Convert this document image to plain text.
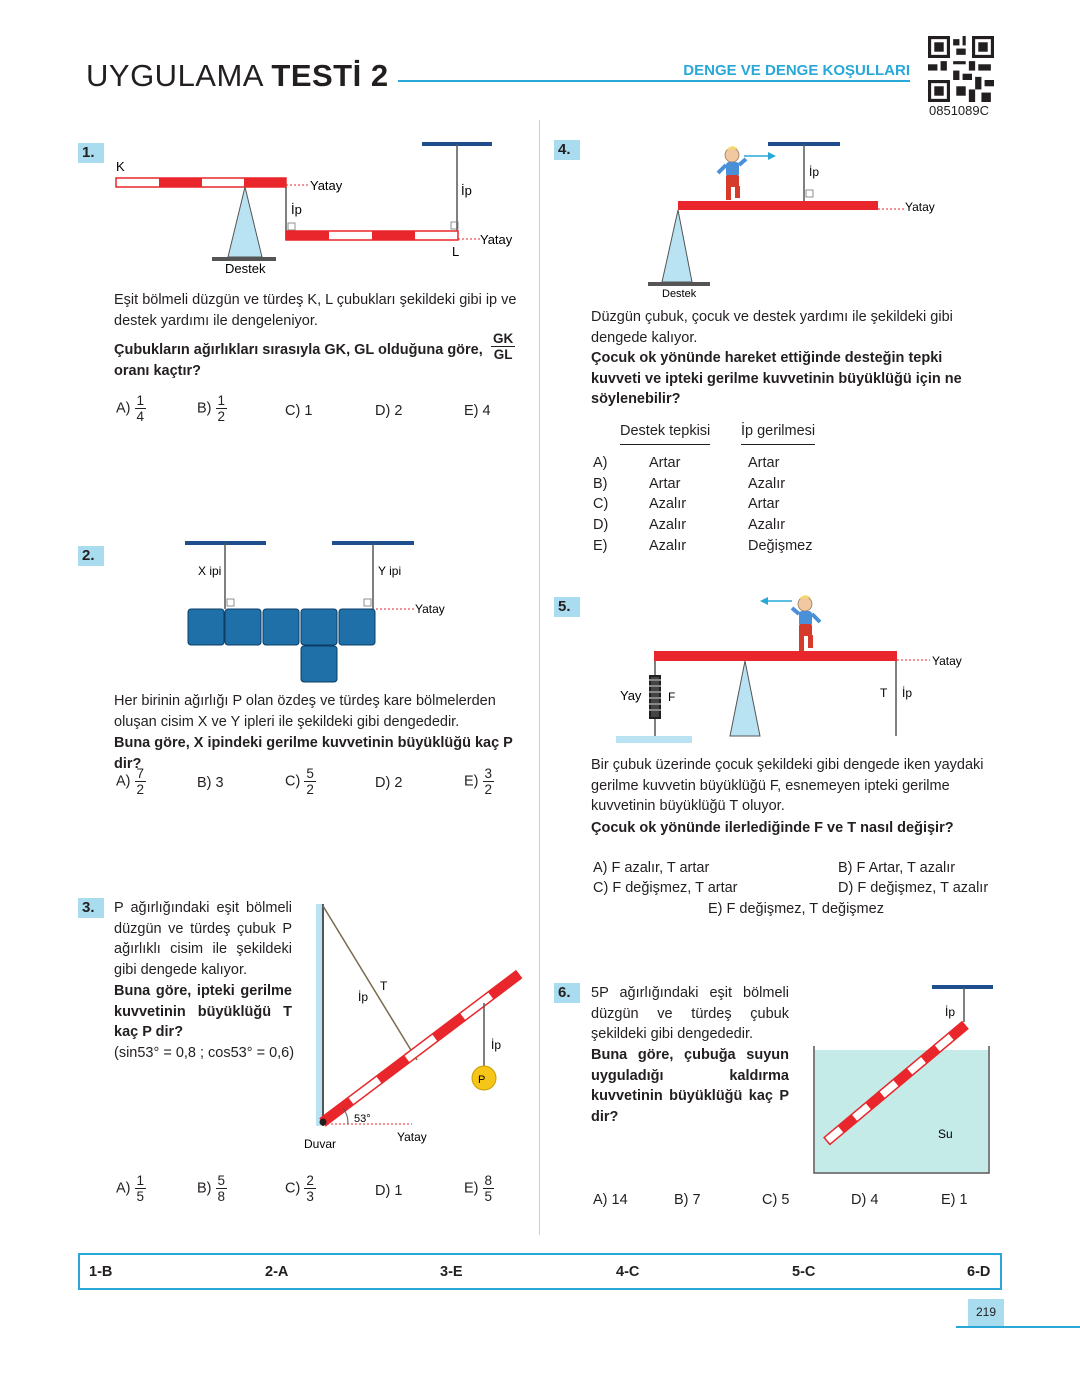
UYGULAMA TESTİ 2	DENGE VE DENGE KOŞULLARI
0851089C
1.
K
L
Yatay
Yatay
İp
İp
Destek
Eşit bölmeli düzgün ve türdeş K, L çubukları şekildeki gibi ip ve destek yardımı ile dengeleniyor.
Çubukların ağırlıkları sırasıyla GK, GL olduğuna göre,
oranı kaçtır?
$\frac{GK}{GL}$
$A) \frac{1}{4}$	$B) \frac{1}{2}$	C) 1	D) 2	E) 4
2.
X ipi	Y ipi
Yatay
Her birinin ağırlığı P olan özdeş ve türdeş kare bölmelerden oluşan cisim X ve Y ipleri ile şekildeki gibi dengededir.
Buna göre, X ipindeki gerilme kuvvetinin büyüklüğü kaç P dir?
$A) \frac{7}{2}$	B) 3	$C) \frac{5}{2}$	D) 2	$E) \frac{3}{2}$
3.	P ağırlığındaki eşit bölmeli düzgün ve türdeş çubuk P ağırlıklı cisim ile şekildeki gibi dengede kalıyor.
Buna göre, ipteki gerilme kuvvetinin büyüklüğü T kaç P dir?
(sin53° = 0,8 ; cos53° = 0,6)
T
İp
İp
P
53°
Duvar	Yatay
$A) \frac{1}{5}$	$B) \frac{5}{8}$	$C) \frac{2}{3}$	D) 1	$E) \frac{8}{5}$
4.
İp
Yatay
Destek
Düzgün çubuk, çocuk ve destek yardımı ile şekildeki gibi dengede kalıyor.
Çocuk ok yönünde hareket ettiğinde desteğin tepki kuvveti ve ipteki gerilme kuvvetinin büyüklüğü için ne söylenebilir?
Destek tepkisi İp gerilmesi
A)	Artar	Artar
B)	Artar	Azalır
C)	Azalır	Artar
D)	Azalır	Azalır
E)	Azalır	Değişmez
5.
Yay F	T İp
Yatay
Bir çubuk üzerinde çocuk şekildeki gibi dengede iken yaydaki gerilme kuvvetin büyüklüğü F, esnemeyen ipteki gerilme kuvvetinin büyüklüğü T oluyor.
Çocuk ok yönünde ilerlediğinde F ve T nasıl değişir?
A) F azalır, T artar	B) F Artar, T azalır
C) F değişmez, T artar	D) F değişmez, T azalır
E) F değişmez, T değişmez
6.	5P ağırlığındaki eşit bölmeli düzgün ve türdeş çubuk şekildeki gibi dengededir.
Buna göre, çubuğa suyun uyguladığı kaldırma kuvvetinin büyüklüğü kaç P dir?
İp
Su
A) 14	B) 7	C) 5	D) 4	E) 1
1-B	2-A	3-E	4-C	5-C	6-D
219
